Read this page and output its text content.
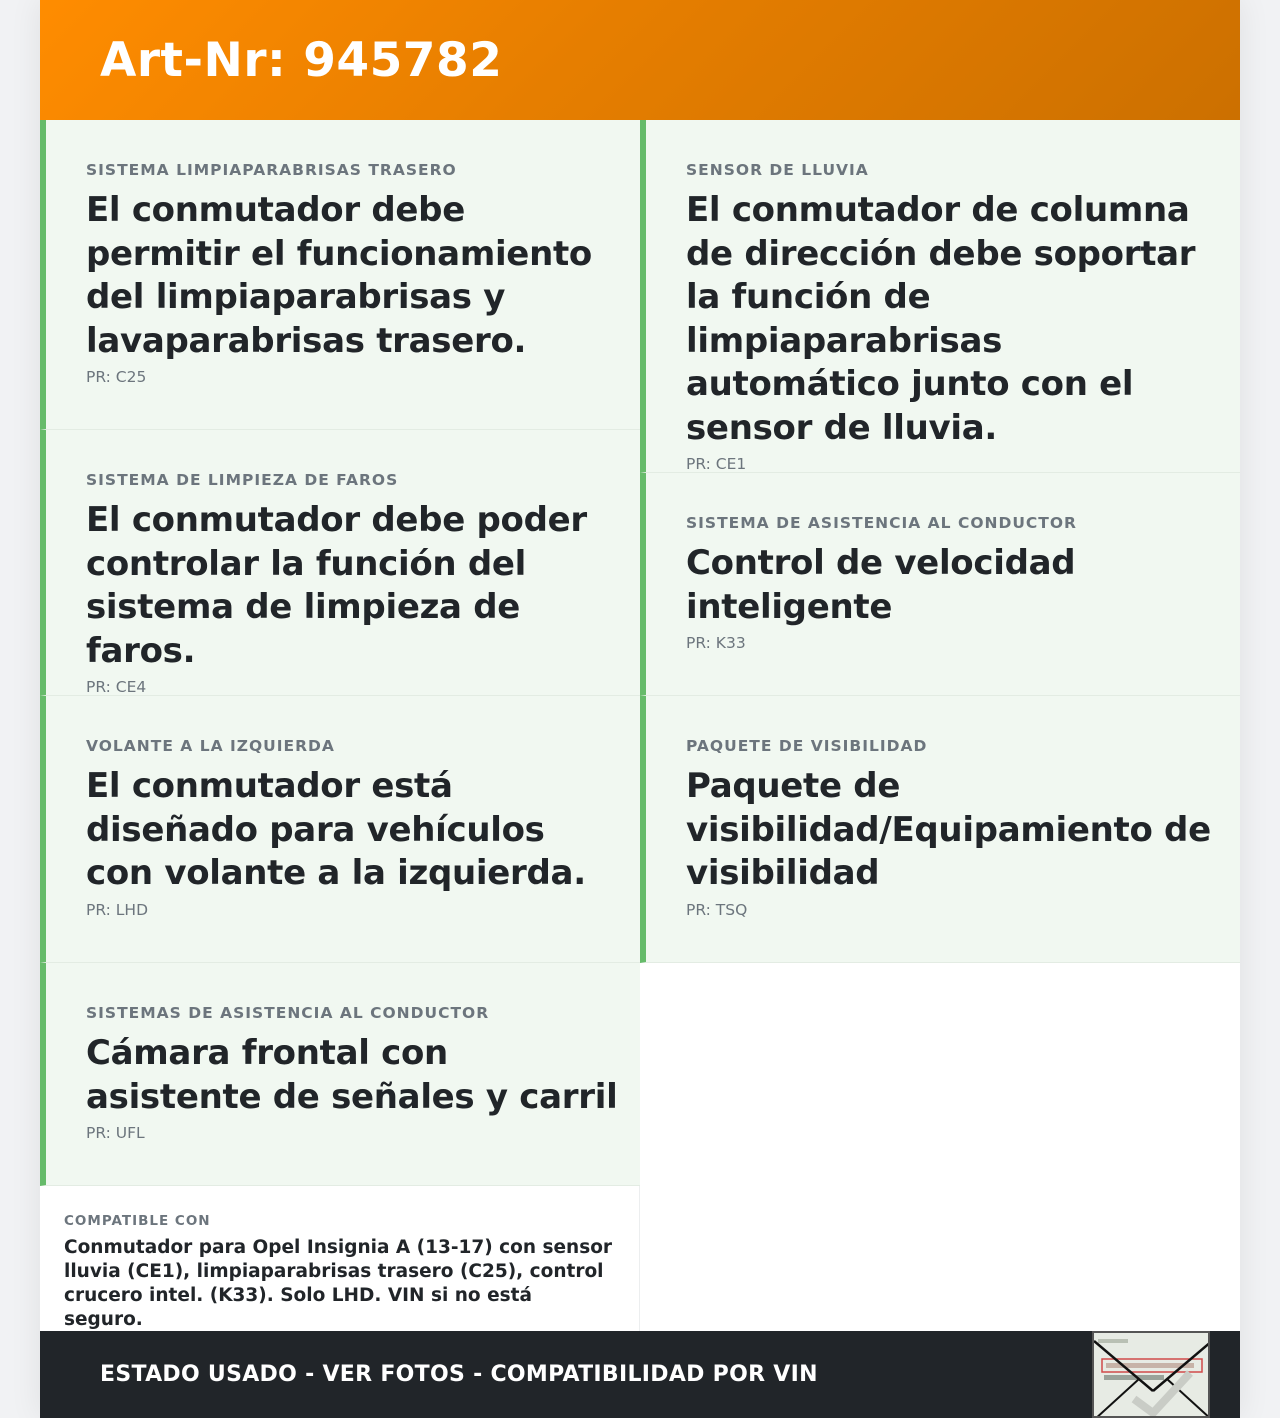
Art-Nr: 945782
SISTEMA LIMPIAPARABRISAS TRASERO
El conmutador debe permitir el funcionamiento del limpiaparabrisas y lavaparabrisas trasero.
PR: C25
SISTEMA DE LIMPIEZA DE FAROS
El conmutador debe poder controlar la función del sistema de limpieza de faros.
PR: CE4
VOLANTE A LA IZQUIERDA
El conmutador está diseñado para vehículos con volante a la izquierda.
PR: LHD
SISTEMAS DE ASISTENCIA AL CONDUCTOR
Cámara frontal con asistente de señales y carril
PR: UFL
COMPATIBLE CON
Conmutador para Opel Insignia A (13-17) con sensor lluvia (CE1), limpiaparabrisas trasero (C25), control crucero intel. (K33). Solo LHD. VIN si no está seguro.
SENSOR DE LLUVIA
El conmutador de columna de dirección debe soportar la función de limpiaparabrisas automático junto con el sensor de lluvia.
PR: CE1
SISTEMA DE ASISTENCIA AL CONDUCTOR
Control de velocidad inteligente
PR: K33
PAQUETE DE VISIBILIDAD
Paquete de visibilidad/Equipamiento de visibilidad
PR: TSQ
ESTADO USADO - VER FOTOS - COMPATIBILIDAD POR VIN
